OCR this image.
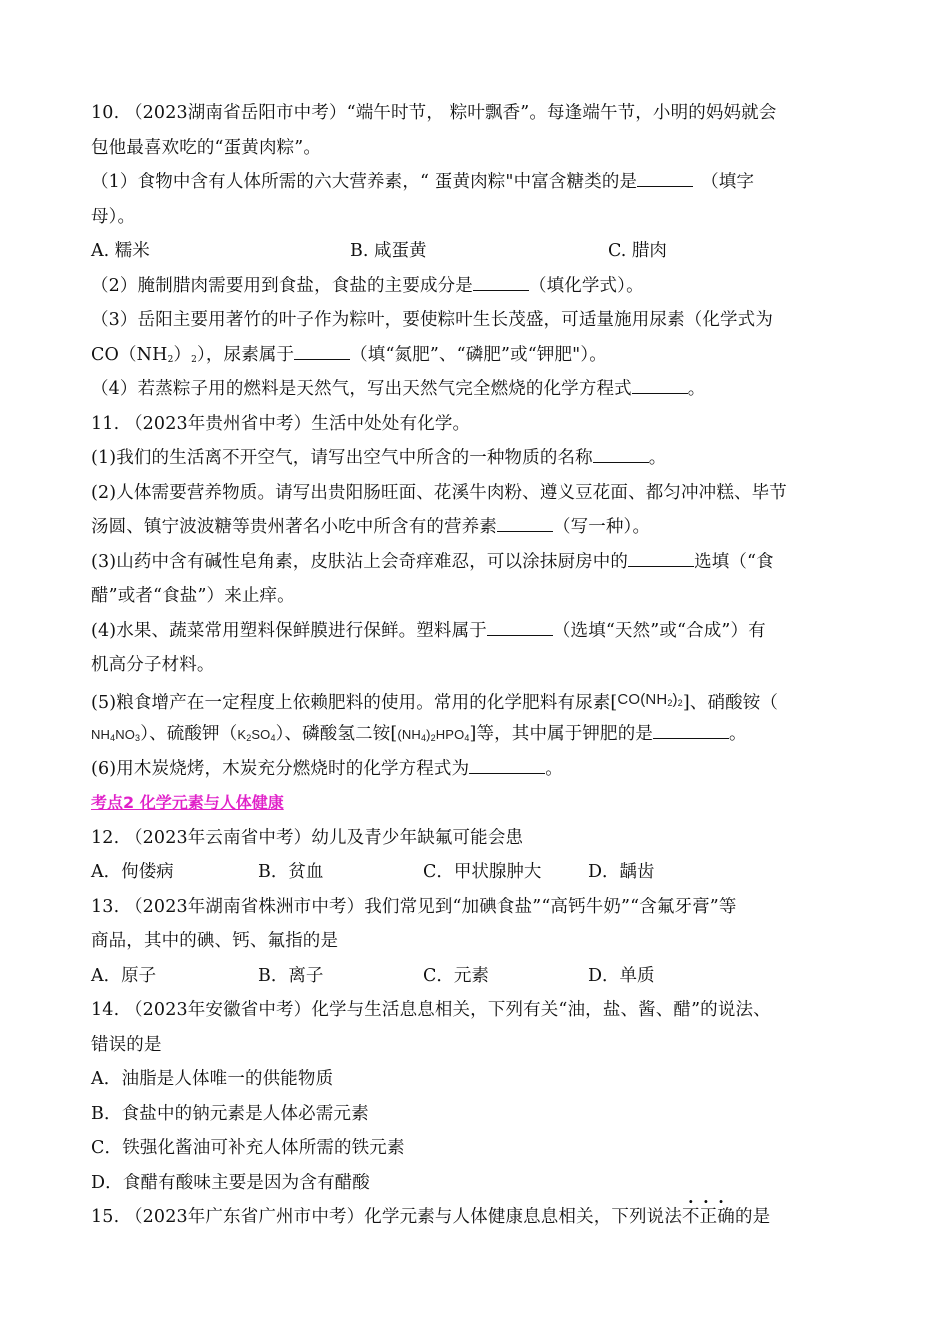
10. （2023湖南省岳阳市中考）“端午时节， 粽叶飘香”。每逢端午节，小明的妈妈就会
包他最喜欢吃的“蛋黄肉粽”。
（1）食物中含有人体所需的六大营养素，“ 蛋黄肉粽"中富含糖类的是	（填字
母）。
A. 糯米	B. 咸蛋黄	C. 腊肉
（2）腌制腊肉需要用到食盐，食盐的主要成分是	（填化学式）。
（3）岳阳主要用著竹的叶子作为粽叶，要使粽叶生长茂盛，可适量施用尿素（化学式为
$CO(NH_2)_2$），尿素属于	（填“氮肥”、“磷肥”或“钾肥"）。
（4）若蒸粽子用的燃料是天然气，写出天然气完全燃烧的化学方程式	。
11. （2023年贵州省中考）生活中处处有化学。
(1)我们的生活离不开空气，请写出空气中所含的一种物质的名称	。
(2)人体需要营养物质。请写出贵阳肠旺面、花溪牛肉粉、遵义豆花面、都匀冲冲糕、毕节
汤圆、镇宁波波糖等贵州著名小吃中所含有的营养素	（写一种）。
(3)山药中含有碱性皂角素，皮肤沾上会奇痒难忍，可以涂抹厨房中的	选填（“食
醋”或者“食盐”）来止痒。
(4)水果、蔬菜常用塑料保鲜膜进行保鲜。塑料属于	（选填“天然”或“合成”）有
机高分子材料。
(5)粮食增产在一定程度上依赖肥料的使用。常用的化学肥料有尿素$[CO(NH_2)_2]$、硝酸铵（
$NH_4NO_3$）、硫酸钾$(K_2SO_4)$、磷酸氢二铵$[(NH_4)_2HPO_4]$等，其中属于钾肥的是	。
(6)用木炭烧烤，木炭充分燃烧时的化学方程式为	。
考点2 化学元素与人体健康
12. （2023年云南省中考）幼儿及青少年缺氟可能会患
A．佝偻病	B．贫血	C．甲状腺肿大	D．龋齿
13. （2023年湖南省株洲市中考）我们常见到“加碘食盐”“高钙牛奶”“含氟牙膏”等
商品，其中的碘、钙、氟指的是
A．原子	B．离子	C．元素	D．单质
14. （2023年安徽省中考）化学与生活息息相关，下列有关“油，盐、酱、醋”的说法、
错误的是
A．油脂是人体唯一的供能物质
B．食盐中的钠元素是人体必需元素
C．铁强化酱油可补充人体所需的铁元素
D．食醋有酸味主要是因为含有醋酸
15. （2023年广东省广州市中考）化学元素与人体健康息息相关，下列说法· · · 不正确的是
